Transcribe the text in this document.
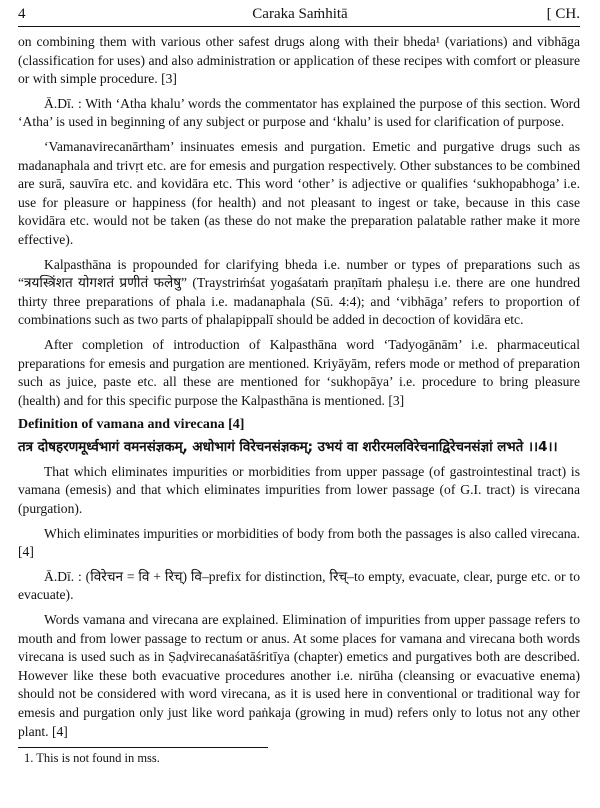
4	Caraka Saṁhitā	[ CH.

on combining them with various other safest drugs along with their bheda¹ (variations) and vibhāga (classification for uses) and also administration or application of these recipes with comfort or pleasure or with simple procedure. [3]

Ā.Dī. : With ‘Atha khalu’ words the commentator has explained the purpose of this section. Word ‘Atha’ is used in beginning of any subject or purpose and ‘khalu’ is used for clarification of purpose.

‘Vamanavirecanārtham’ insinuates emesis and purgation. Emetic and purgative drugs such as madanaphala and trivṛt etc. are for emesis and purgation respectively. Other substances to be combined are surā, sauvīra etc. and kovidāra etc. This word ‘other’ is adjective or qualifies ‘sukhopabhoga’ i.e. use for pleasure or happiness (for health) and not pleasant to ingest or take, because in this case kovidāra etc. would not be taken (as these do not make the preparation palatable rather make it more effective).

Kalpasthāna is propounded for clarifying bheda i.e. number or types of preparations such as “त्रयस्त्रिंशत योगशतं प्रणीतं फलेषु” (Traystriṁśat yogaśataṁ praṇītaṁ phaleṣu i.e. there are one hundred thirty three preparations of phala i.e. madanaphala (Sū. 4:4); and ‘vibhāga’ refers to proportion of combinations such as two parts of phalapippalī should be added in decoction of kovidāra etc.

After completion of introduction of Kalpasthāna word ‘Tadyogānām’ i.e. pharmaceutical preparations for emesis and purgation are mentioned. Kriyāyām, refers mode or method of preparation such as juice, paste etc. all these are mentioned for ‘sukhopāya’ i.e. procedure to bring pleasure (health) and for this specific purpose the Kalpasthāna is mentioned. [3]

Definition of vamana and virecana [4]
तत्र दोषहरणमूर्ध्वभागं वमनसंज्ञकम्, अधोभागं विरेचनसंज्ञकम्; उभयं वा शरीरमलविरेचनाद्विरेचनसंज्ञां लभते ।।4।।

That which eliminates impurities or morbidities from upper passage (of gastrointestinal tract) is vamana (emesis) and that which eliminates impurities from lower passage (of G.I. tract) is virecana (purgation).

Which eliminates impurities or morbidities of body from both the passages is also called virecana. [4]

Ā.Dī. : (विरेचन = वि + रिच्) वि–prefix for distinction, रिच्–to empty, evacuate, clear, purge etc. or to evacuate).

Words vamana and virecana are explained. Elimination of impurities from upper passage refers to mouth and from lower passage to rectum or anus. At some places for vamana and virecana both words virecana is used such as in Ṣaḍvirecanaśatāśritīya (chapter) emetics and purgatives both are described. However like these both evacuative procedures another i.e. nirūha (cleansing or evacuative enema) should not be considered with word virecana, as it is used here in conventional or traditional way for emesis and purgation only just like word paṅkaja (growing in mud) refers only to lotus not any other plant. [4]

1. This is not found in mss.
